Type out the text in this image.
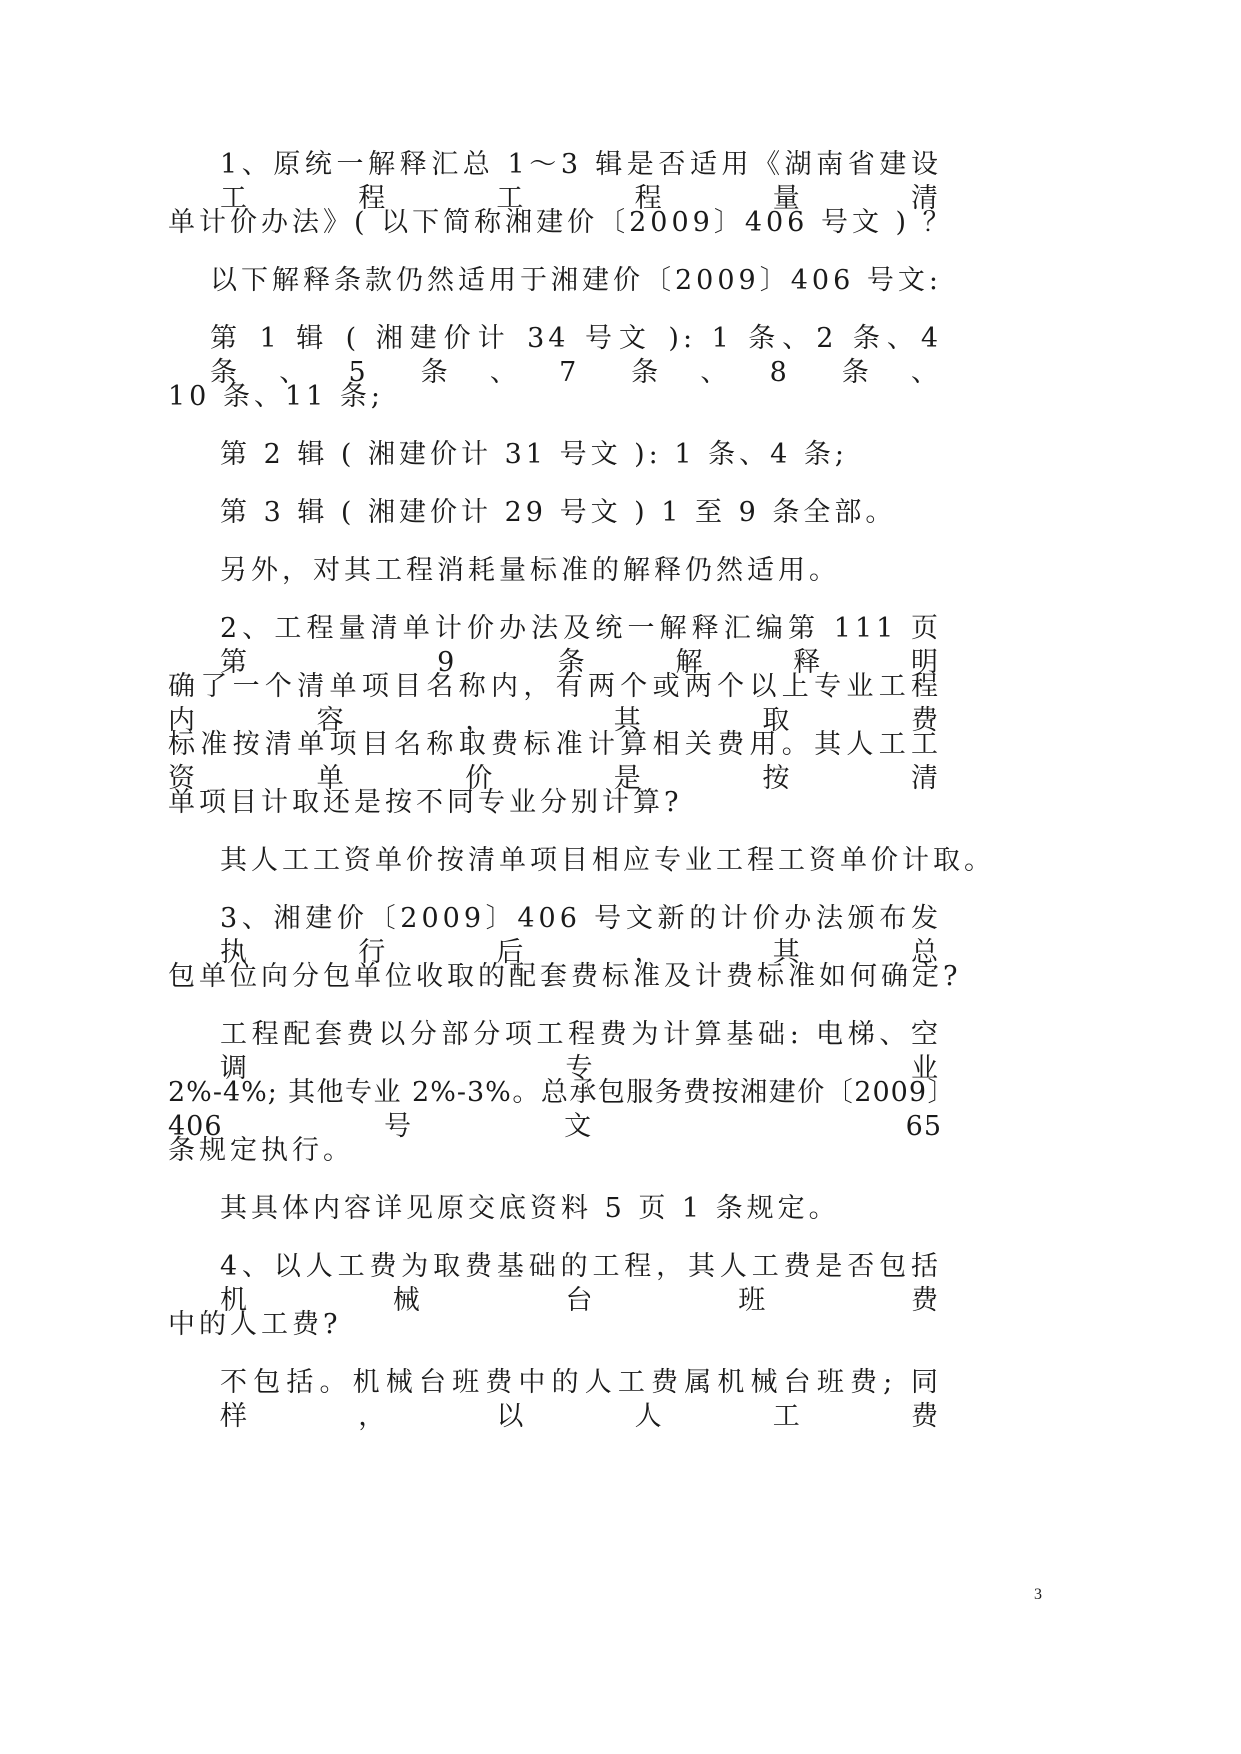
1、原统一解释汇总 1～3 辑是否适用《湖南省建设工程工程量清
单计价办法》( 以下简称湘建价〔2009〕406 号文 ) ？
以下解释条款仍然适用于湘建价〔2009〕406 号文:
第 1 辑 ( 湘建价计 34 号文 ): 1 条、2 条、4 条、5 条、7 条、8 条、
10 条、11 条;
第 2 辑 ( 湘建价计 31 号文 ): 1 条、4 条;
第 3 辑 ( 湘建价计 29 号文 ) 1 至 9 条全部。
另外，对其工程消耗量标准的解释仍然适用。
2、工程量清单计价办法及统一解释汇编第 111 页第 9 条解释明
确了一个清单项目名称内，有两个或两个以上专业工程内容，其取费
标准按清单项目名称取费标准计算相关费用。其人工工资单价是按清
单项目计取还是按不同专业分别计算?
其人工工资单价按清单项目相应专业工程工资单价计取。
3、湘建价〔2009〕406 号文新的计价办法颁布发执行后，其总
包单位向分包单位收取的配套费标准及计费标准如何确定?
工程配套费以分部分项工程费为计算基础: 电梯、空调专业
2%-4%; 其他专业 2%-3%。总承包服务费按湘建价〔2009〕406 号文 65
条规定执行。
其具体内容详见原交底资料 5 页 1 条规定。
4、以人工费为取费基础的工程，其人工费是否包括机械台班费
中的人工费?
不包括。机械台班费中的人工费属机械台班费; 同样，以人工费
3
